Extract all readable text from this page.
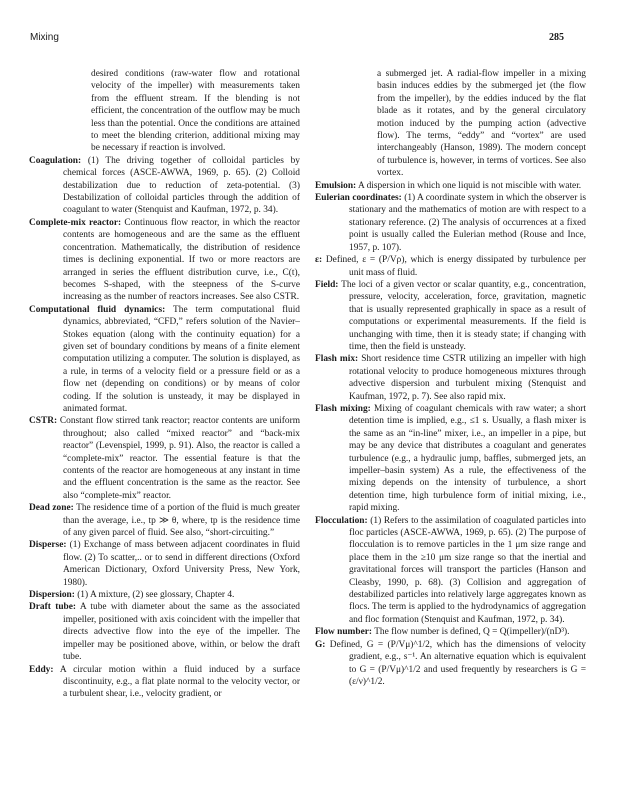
Mixing	285

desired conditions (raw-water flow and rotational velocity of the impeller) with measurements taken from the effluent stream. If the blending is not efficient, the concentration of the outflow may be much less than the potential. Once the conditions are attained to meet the blending criterion, additional mixing may be necessary if reaction is involved.

Coagulation: (1) The driving together of colloidal particles by chemical forces (ASCE-AWWA, 1969, p. 65). (2) Colloid destabilization due to reduction of zeta-potential. (3) Destabilization of colloidal particles through the addition of coagulant to water (Stenquist and Kaufman, 1972, p. 34).

Complete-mix reactor: Continuous flow reactor, in which the reactor contents are homogeneous and are the same as the effluent concentration. Mathematically, the distribution of residence times is declining exponential. If two or more reactors are arranged in series the effluent distribution curve, i.e., C(t), becomes S-shaped, with the steepness of the S-curve increasing as the number of reactors increases. See also CSTR.

Computational fluid dynamics: The term computational fluid dynamics, abbreviated, “CFD,” refers solution of the Navier–Stokes equation (along with the continuity equation) for a given set of boundary conditions by means of a finite element computation utilizing a computer. The solution is displayed, as a rule, in terms of a velocity field or a pressure field or as a flow net (depending on conditions) or by means of color coding. If the solution is unsteady, it may be displayed in animated format.

CSTR: Constant flow stirred tank reactor; reactor contents are uniform throughout; also called “mixed reactor” and “back-mix reactor” (Levenspiel, 1999, p. 91). Also, the reactor is called a “complete-mix” reactor. The essential feature is that the contents of the reactor are homogeneous at any instant in time and the effluent concentration is the same as the reactor. See also “complete-mix” reactor.

Dead zone: The residence time of a portion of the fluid is much greater than the average, i.e., tp ≫ θ, where, tp is the residence time of any given parcel of fluid. See also, “short-circuiting.”

Disperse: (1) Exchange of mass between adjacent coordinates in fluid flow. (2) To scatter,.. or to send in different directions (Oxford American Dictionary, Oxford University Press, New York, 1980).

Dispersion: (1) A mixture, (2) see glossary, Chapter 4.

Draft tube: A tube with diameter about the same as the associated impeller, positioned with axis coincident with the impeller that directs advective flow into the eye of the impeller. The impeller may be positioned above, within, or below the draft tube.

Eddy: A circular motion within a fluid induced by a surface discontinuity, e.g., a flat plate normal to the velocity vector, or a turbulent shear, i.e., velocity gradient, or

a submerged jet. A radial-flow impeller in a mixing basin induces eddies by the submerged jet (the flow from the impeller), by the eddies induced by the flat blade as it rotates, and by the general circulatory motion induced by the pumping action (advective flow). The terms, “eddy” and “vortex” are used interchangeably (Hanson, 1989). The modern concept of turbulence is, however, in terms of vortices. See also vortex.

Emulsion: A dispersion in which one liquid is not miscible with water.

Eulerian coordinates: (1) A coordinate system in which the observer is stationary and the mathematics of motion are with respect to a stationary reference. (2) The analysis of occurrences at a fixed point is usually called the Eulerian method (Rouse and Ince, 1957, p. 107).

ε: Defined, ε = (P/Vρ), which is energy dissipated by turbulence per unit mass of fluid.

Field: The loci of a given vector or scalar quantity, e.g., concentration, pressure, velocity, acceleration, force, gravitation, magnetic that is usually represented graphically in space as a result of computations or experimental measurements. If the field is unchanging with time, then it is steady state; if changing with time, then the field is unsteady.

Flash mix: Short residence time CSTR utilizing an impeller with high rotational velocity to produce homogeneous mixtures through advective dispersion and turbulent mixing (Stenquist and Kaufman, 1972, p. 7). See also rapid mix.

Flash mixing: Mixing of coagulant chemicals with raw water; a short detention time is implied, e.g., ≤1 s. Usually, a flash mixer is the same as an “in-line” mixer, i.e., an impeller in a pipe, but may be any device that distributes a coagulant and generates turbulence (e.g., a hydraulic jump, baffles, submerged jets, an impeller–basin system) As a rule, the effectiveness of the mixing depends on the intensity of turbulence, a short detention time, high turbulence form of initial mixing, i.e., rapid mixing.

Flocculation: (1) Refers to the assimilation of coagulated particles into floc particles (ASCE-AWWA, 1969, p. 65). (2) The purpose of flocculation is to remove particles in the 1 μm size range and place them in the ≥10 μm size range so that the inertial and gravitational forces will transport the particles (Hanson and Cleasby, 1990, p. 68). (3) Collision and aggregation of destabilized particles into relatively large aggregates known as flocs. The term is applied to the hydrodynamics of aggregation and floc formation (Stenquist and Kaufman, 1972, p. 34).

Flow number: The flow number is defined, Q = Q(impeller)/(nD³).

G: Defined, G = (P/Vμ)^1/2, which has the dimensions of velocity gradient, e.g., s⁻¹. An alternative equation which is equivalent to G = (P/Vμ)^1/2 and used frequently by researchers is G = (ε/ν)^1/2.
